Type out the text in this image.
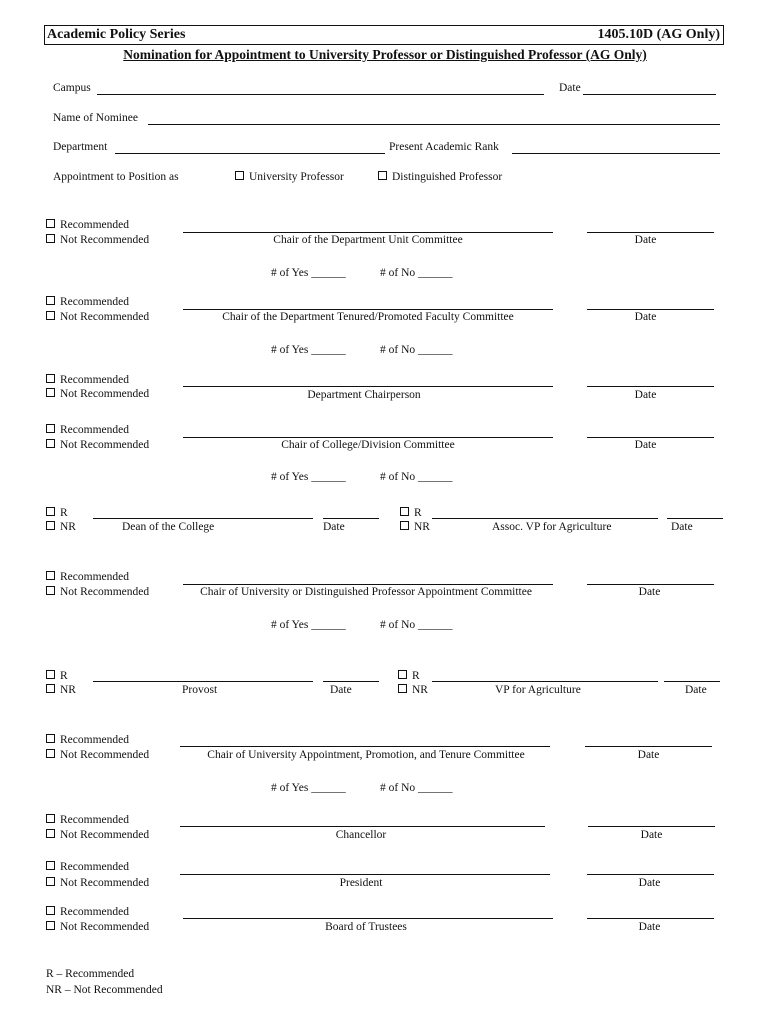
Academic Policy Series	1405.10D (AG Only)
Nomination for Appointment to University Professor or Distinguished Professor (AG Only)
Campus	Date
Name of Nominee
Department	Present Academic Rank
Appointment to Position as	University Professor	Distinguished Professor
Recommended
Not Recommended	Chair of the Department Unit Committee	Date
# of Yes ______	# of No ______
Recommended
Not Recommended	Chair of the Department Tenured/Promoted Faculty Committee	Date
# of Yes ______	# of No ______
Recommended
Not Recommended	Department Chairperson	Date
Recommended
Not Recommended	Chair of College/Division Committee	Date
# of Yes ______	# of No ______
R
NR	Dean of the College	Date
R
NR	Assoc. VP for Agriculture	Date
Recommended
Not Recommended	Chair of University or Distinguished Professor Appointment Committee	Date
# of Yes ______	# of No ______
R
NR	Provost	Date
R
NR	VP for Agriculture	Date
Recommended
Not Recommended	Chair of University Appointment, Promotion, and Tenure Committee	Date
# of Yes ______	# of No ______
Recommended
Not Recommended	Chancellor	Date
Recommended
Not Recommended	President	Date
Recommended
Not Recommended	Board of Trustees	Date
R – Recommended
NR – Not Recommended
